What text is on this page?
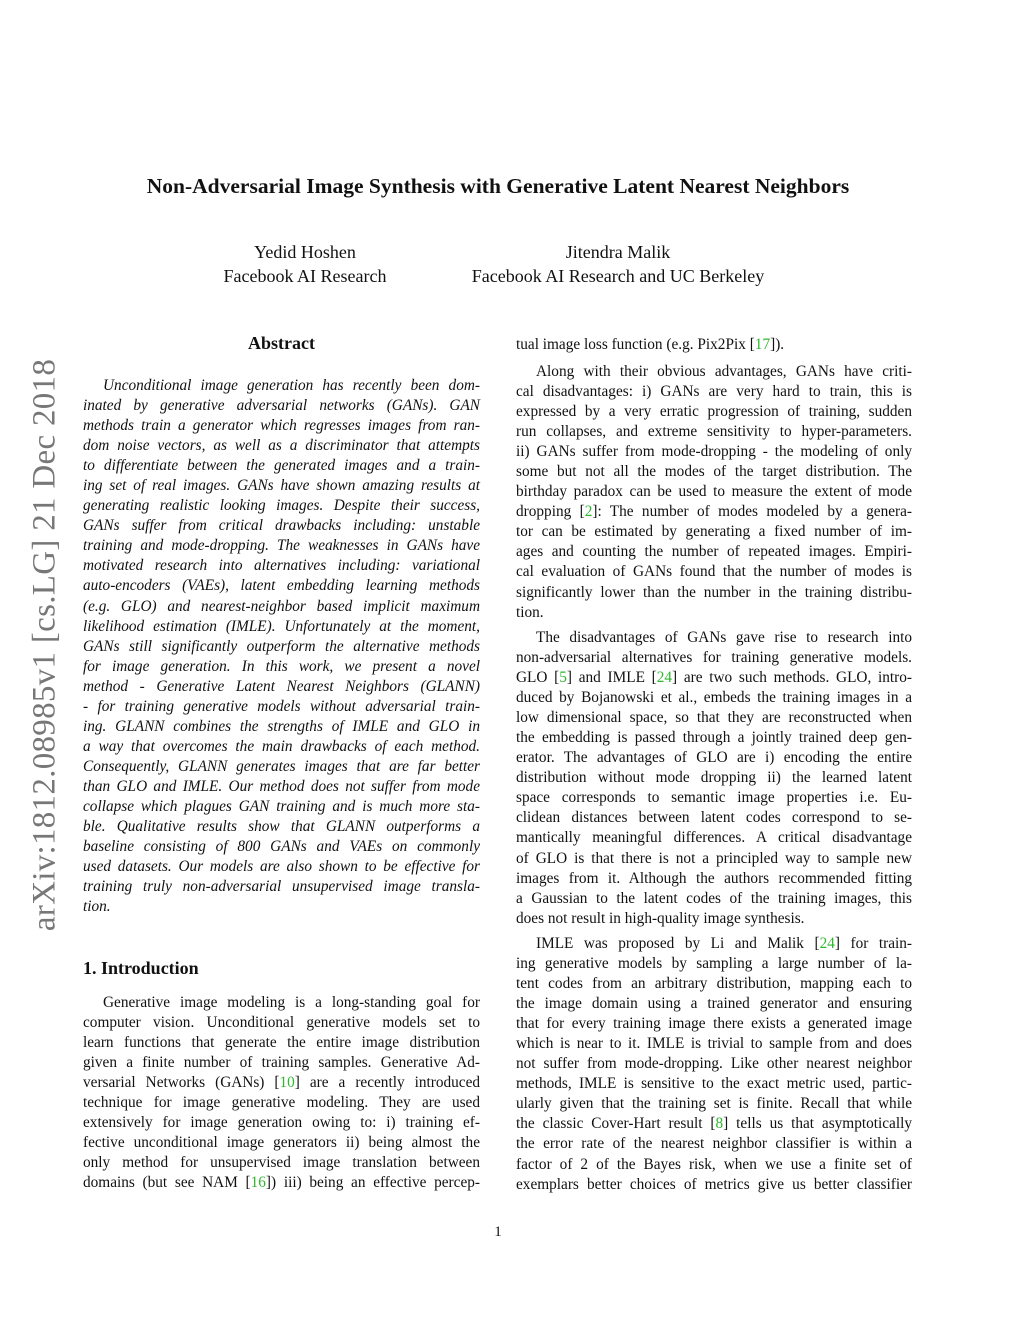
arXiv:1812.08985v1 [cs.LG] 21 Dec 2018
Non-Adversarial Image Synthesis with Generative Latent Nearest Neighbors
Yedid Hoshen
Facebook AI Research
Jitendra Malik
Facebook AI Research and UC Berkeley
Abstract
Unconditional image generation has recently been dom-
inated by generative adversarial networks (GANs). GAN
methods train a generator which regresses images from ran-
dom noise vectors, as well as a discriminator that attempts
to differentiate between the generated images and a train-
ing set of real images. GANs have shown amazing results at
generating realistic looking images. Despite their success,
GANs suffer from critical drawbacks including: unstable
training and mode-dropping. The weaknesses in GANs have
motivated research into alternatives including: variational
auto-encoders (VAEs), latent embedding learning methods
(e.g. GLO) and nearest-neighbor based implicit maximum
likelihood estimation (IMLE). Unfortunately at the moment,
GANs still significantly outperform the alternative methods
for image generation. In this work, we present a novel
method - Generative Latent Nearest Neighbors (GLANN)
- for training generative models without adversarial train-
ing. GLANN combines the strengths of IMLE and GLO in
a way that overcomes the main drawbacks of each method.
Consequently, GLANN generates images that are far better
than GLO and IMLE. Our method does not suffer from mode
collapse which plagues GAN training and is much more sta-
ble. Qualitative results show that GLANN outperforms a
baseline consisting of 800 GANs and VAEs on commonly
used datasets. Our models are also shown to be effective for
training truly non-adversarial unsupervised image transla-
tion.
1. Introduction
Generative image modeling is a long-standing goal for
computer vision. Unconditional generative models set to
learn functions that generate the entire image distribution
given a finite number of training samples. Generative Ad-
versarial Networks (GANs) [10] are a recently introduced
technique for image generative modeling. They are used
extensively for image generation owing to: i) training ef-
fective unconditional image generators ii) being almost the
only method for unsupervised image translation between
domains (but see NAM [16]) iii) being an effective percep-
tual image loss function (e.g. Pix2Pix [17]).
Along with their obvious advantages, GANs have criti-
cal disadvantages: i) GANs are very hard to train, this is
expressed by a very erratic progression of training, sudden
run collapses, and extreme sensitivity to hyper-parameters.
ii) GANs suffer from mode-dropping - the modeling of only
some but not all the modes of the target distribution. The
birthday paradox can be used to measure the extent of mode
dropping [2]: The number of modes modeled by a genera-
tor can be estimated by generating a fixed number of im-
ages and counting the number of repeated images. Empiri-
cal evaluation of GANs found that the number of modes is
significantly lower than the number in the training distribu-
tion.
The disadvantages of GANs gave rise to research into
non-adversarial alternatives for training generative models.
GLO [5] and IMLE [24] are two such methods. GLO, intro-
duced by Bojanowski et al., embeds the training images in a
low dimensional space, so that they are reconstructed when
the embedding is passed through a jointly trained deep gen-
erator. The advantages of GLO are i) encoding the entire
distribution without mode dropping ii) the learned latent
space corresponds to semantic image properties i.e. Eu-
clidean distances between latent codes correspond to se-
mantically meaningful differences. A critical disadvantage
of GLO is that there is not a principled way to sample new
images from it. Although the authors recommended fitting
a Gaussian to the latent codes of the training images, this
does not result in high-quality image synthesis.
IMLE was proposed by Li and Malik [24] for train-
ing generative models by sampling a large number of la-
tent codes from an arbitrary distribution, mapping each to
the image domain using a trained generator and ensuring
that for every training image there exists a generated image
which is near to it. IMLE is trivial to sample from and does
not suffer from mode-dropping. Like other nearest neighbor
methods, IMLE is sensitive to the exact metric used, partic-
ularly given that the training set is finite. Recall that while
the classic Cover-Hart result [8] tells us that asymptotically
the error rate of the nearest neighbor classifier is within a
factor of 2 of the Bayes risk, when we use a finite set of
exemplars better choices of metrics give us better classifier
1
